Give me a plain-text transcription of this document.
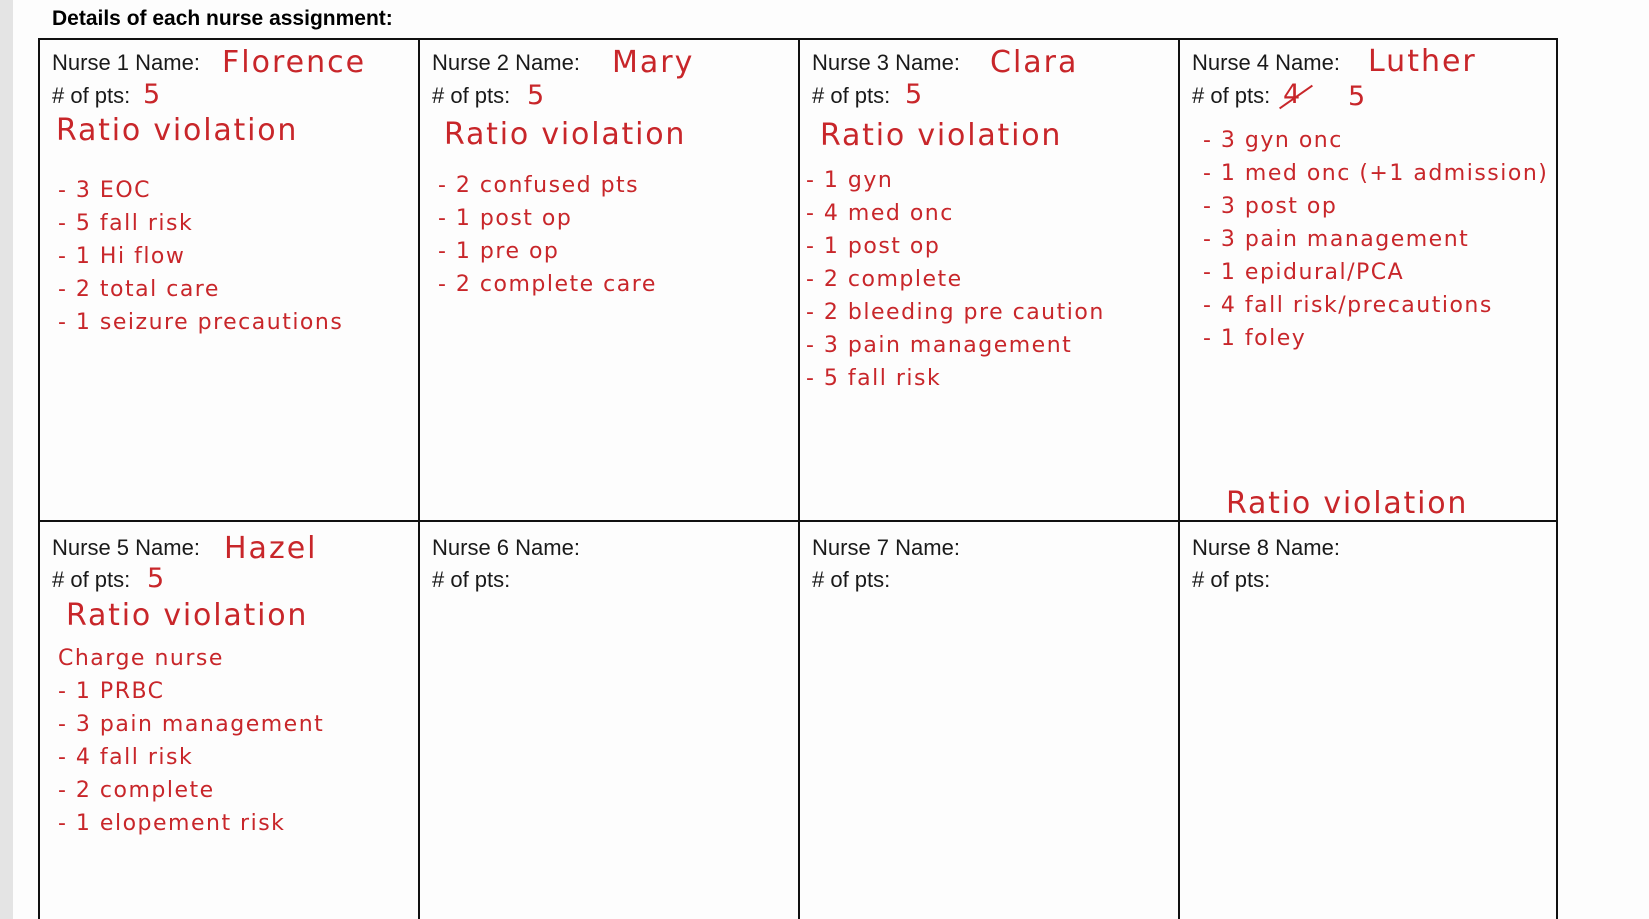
Details of each nurse assignment:
Nurse 1 Name: Florence
# of pts: 5
Ratio violation
- 3 EOC
- 5 fall risk
- 1 Hi flow
- 2 total care
- 1 seizure precautions
Nurse 2 Name: Mary
# of pts: 5
Ratio violation
- 2 confused pts
- 1 post op
- 1 pre op
- 2 complete care
Nurse 3 Name: Clara
# of pts: 5
Ratio violation
- 1 gyn
- 4 med onc
- 1 post op
- 2 complete
- 2 bleeding pre caution
- 3 pain management
- 5 fall risk
Nurse 4 Name: Luther
# of pts: 4 5
- 3 gyn onc
- 1 med onc (+1 admission)
- 3 post op
- 3 pain management
- 1 epidural/PCA
- 4 fall risk/precautions
- 1 foley
Ratio violation
Nurse 5 Name: Hazel
# of pts: 5
Ratio violation
Charge nurse
- 1 PRBC
- 3 pain management
- 4 fall risk
- 2 complete
- 1 elopement risk
Nurse 6 Name:
# of pts:
Nurse 7 Name:
# of pts:
Nurse 8 Name:
# of pts:
